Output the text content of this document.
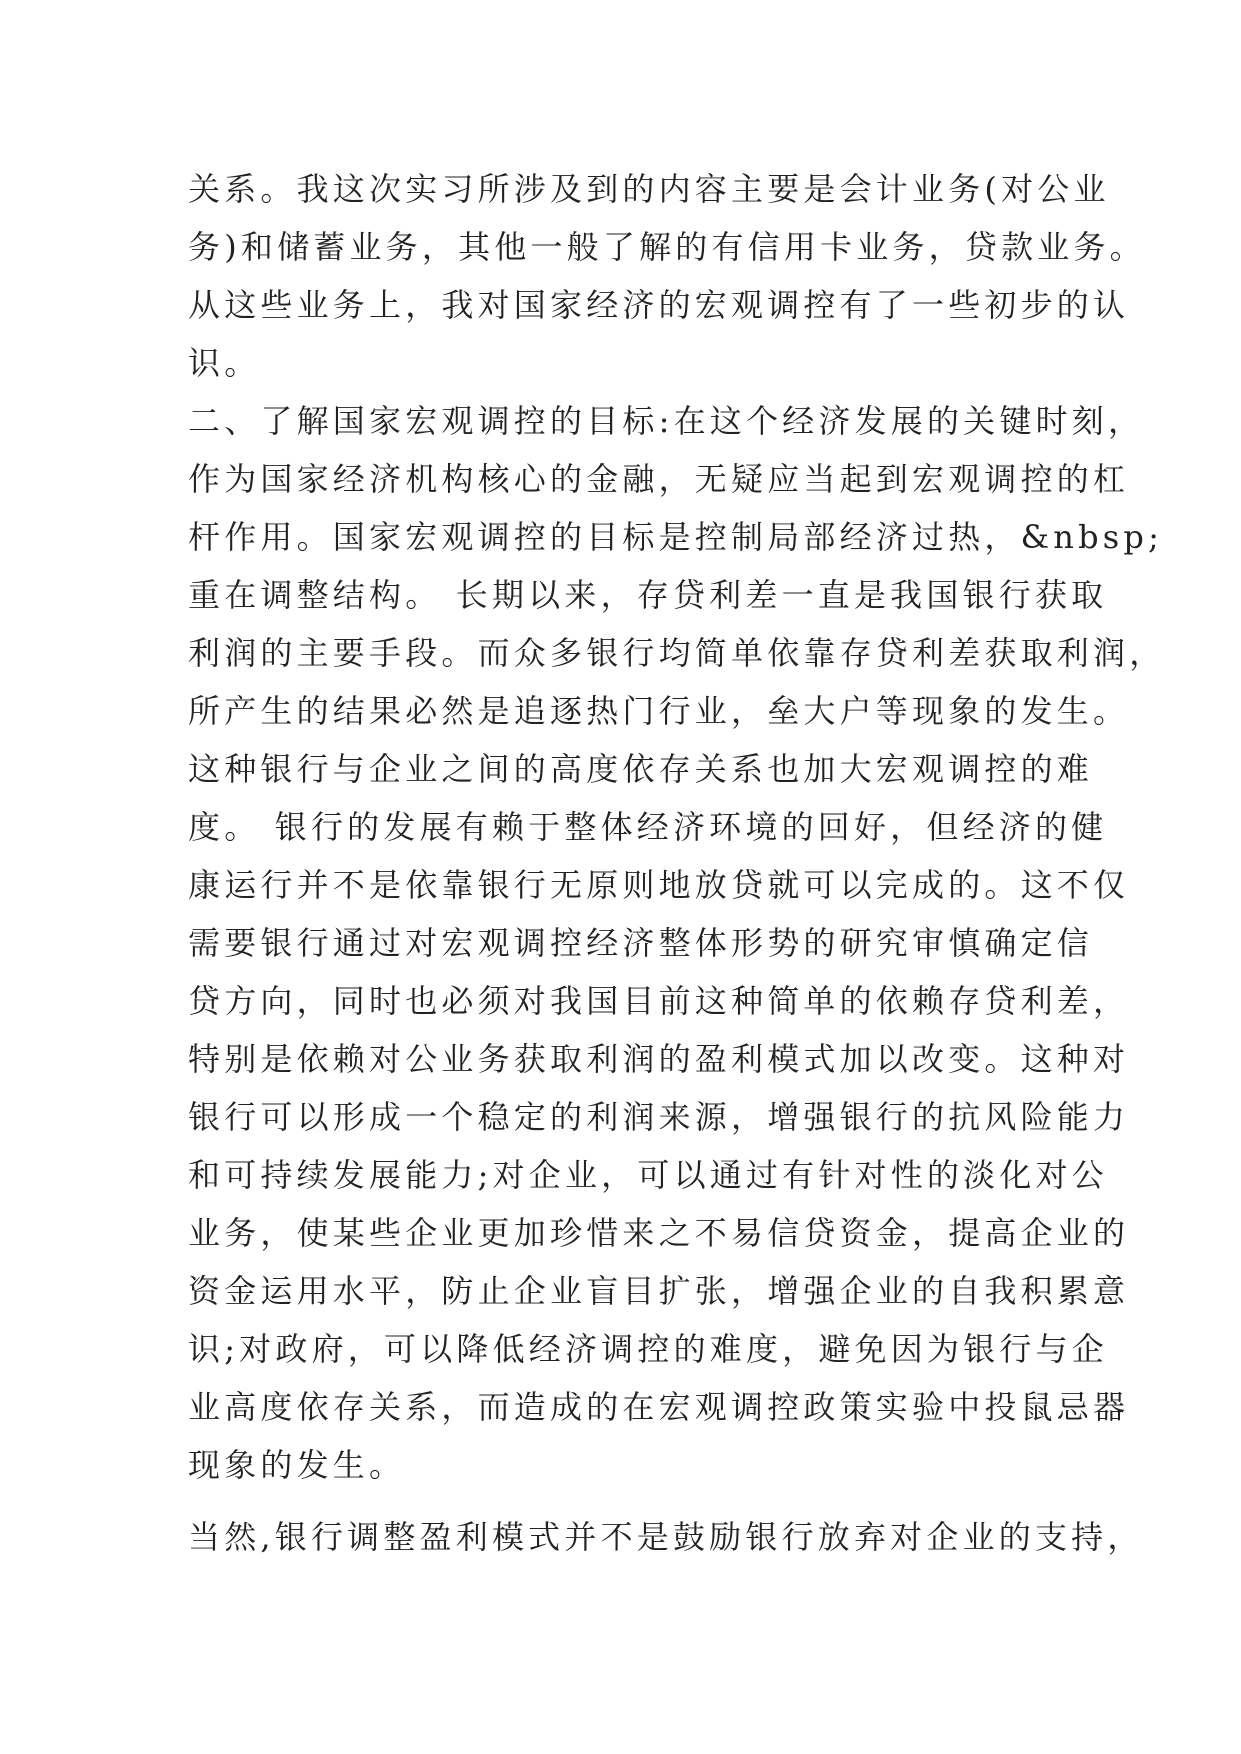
关系。我这次实习所涉及到的内容主要是会计业务(对公业

务)和储蓄业务，其他一般了解的有信用卡业务，贷款业务。

从这些业务上，我对国家经济的宏观调控有了一些初步的认

识。

二、了解国家宏观调控的目标:在这个经济发展的关键时刻，

作为国家经济机构核心的金融，无疑应当起到宏观调控的杠

杆作用。国家宏观调控的目标是控制局部经济过热，&nbsp;

重在调整结构。 长期以来，存贷利差一直是我国银行获取

利润的主要手段。而众多银行均简单依靠存贷利差获取利润，

所产生的结果必然是追逐热门行业，垒大户等现象的发生。

这种银行与企业之间的高度依存关系也加大宏观调控的难

度。 银行的发展有赖于整体经济环境的回好，但经济的健

康运行并不是依靠银行无原则地放贷就可以完成的。这不仅

需要银行通过对宏观调控经济整体形势的研究审慎确定信

贷方向，同时也必须对我国目前这种简单的依赖存贷利差，

特别是依赖对公业务获取利润的盈利模式加以改变。这种对

银行可以形成一个稳定的利润来源，增强银行的抗风险能力

和可持续发展能力;对企业，可以通过有针对性的淡化对公

业务，使某些企业更加珍惜来之不易信贷资金，提高企业的

资金运用水平，防止企业盲目扩张，增强企业的自我积累意

识;对政府，可以降低经济调控的难度，避免因为银行与企

业高度依存关系，而造成的在宏观调控政策实验中投鼠忌器

现象的发生。

当然,银行调整盈利模式并不是鼓励银行放弃对企业的支持，
